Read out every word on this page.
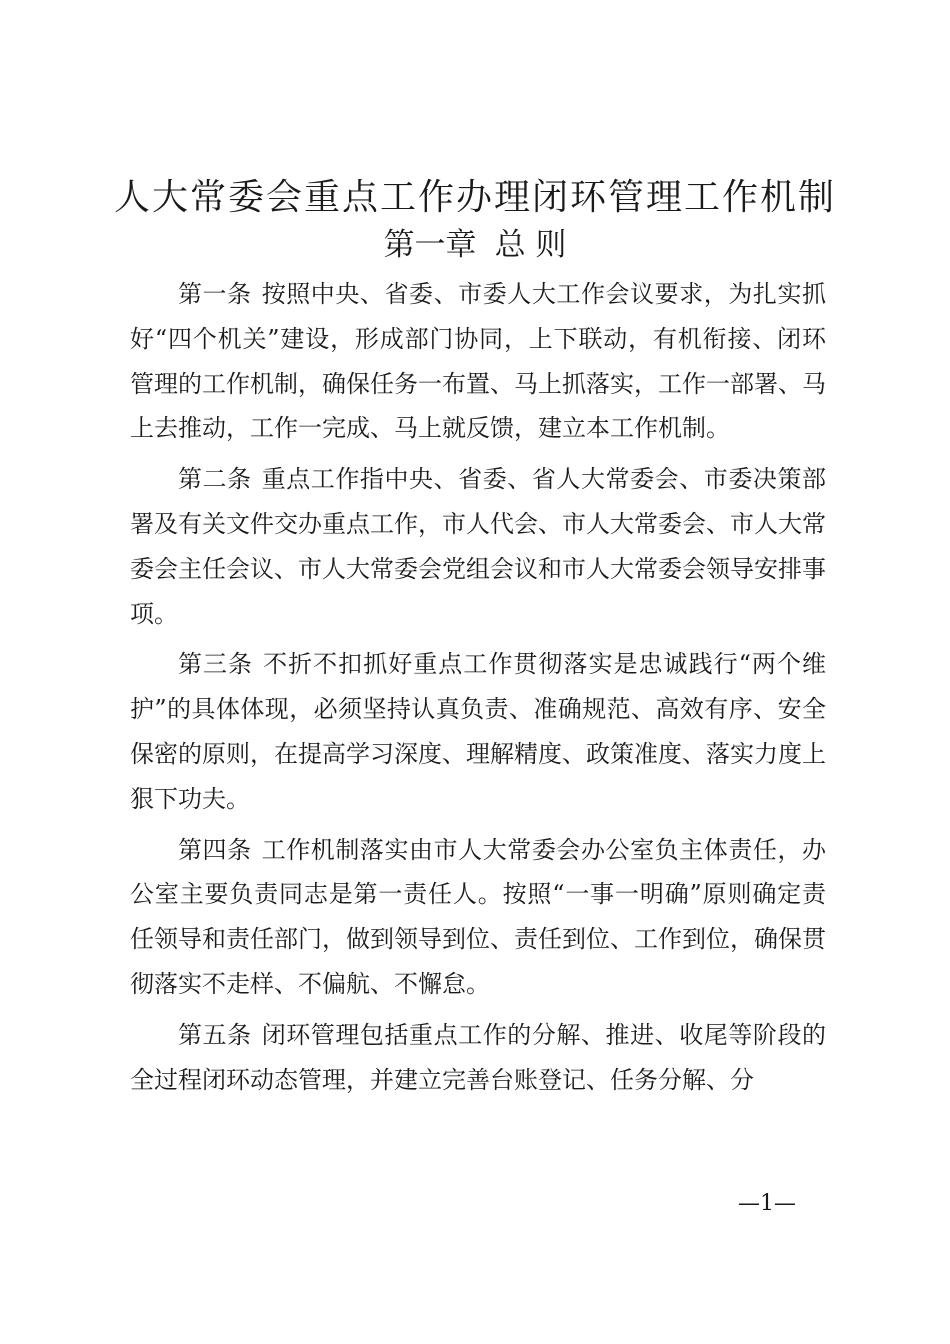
人大常委会重点工作办理闭环管理工作机制
第一章 总 则

第一条 按照中央、省委、市委人大工作会议要求，为扎实抓好“四个机关”建设，形成部门协同，上下联动，有机衔接、闭环管理的工作机制，确保任务一布置、马上抓落实，工作一部署、马上去推动，工作一完成、马上就反馈，建立本工作机制。

第二条 重点工作指中央、省委、省人大常委会、市委决策部署及有关文件交办重点工作，市人代会、市人大常委会、市人大常委会主任会议、市人大常委会党组会议和市人大常委会领导安排事项。

第三条 不折不扣抓好重点工作贯彻落实是忠诚践行“两个维护”的具体体现，必须坚持认真负责、准确规范、高效有序、安全保密的原则，在提高学习深度、理解精度、政策准度、落实力度上狠下功夫。

第四条 工作机制落实由市人大常委会办公室负主体责任，办公室主要负责同志是第一责任人。按照“一事一明确”原则确定责任领导和责任部门，做到领导到位、责任到位、工作到位，确保贯彻落实不走样、不偏航、不懈怠。

第五条 闭环管理包括重点工作的分解、推进、收尾等阶段的全过程闭环动态管理，并建立完善台账登记、任务分解、分

—1—
